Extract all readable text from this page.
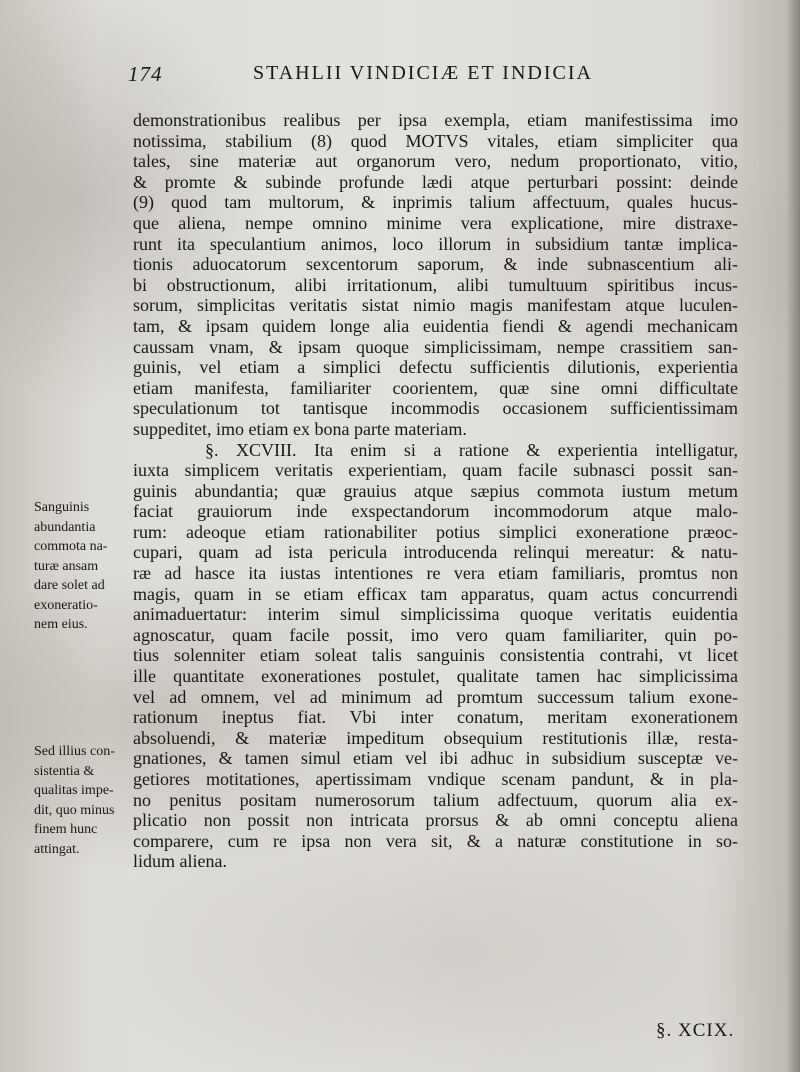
174	STAHLII VINDICIÆ ET INDICIA
demonstrationibus realibus per ipsa exempla, etiam manifestissima imo
notissima, stabilium (8) quod MOTVS vitales, etiam simpliciter qua
tales, sine materiæ aut organorum vero, nedum proportionato, vitio,
& promte & subinde profunde lædi atque perturbari possint: deinde
(9) quod tam multorum, & inprimis talium affectuum, quales hucus-
que aliena, nempe omnino minime vera explicatione, mire distraxe-
runt ita speculantium animos, loco illorum in subsidium tantæ implica-
tionis aduocatorum sexcentorum saporum, & inde subnascentium ali-
bi obstructionum, alibi irritationum, alibi tumultuum spiritibus incus-
sorum, simplicitas veritatis sistat nimio magis manifestam atque luculen-
tam, & ipsam quidem longe alia euidentia fiendi & agendi mechanicam
caussam vnam, & ipsam quoque simplicissimam, nempe crassitiem san-
guinis, vel etiam a simplici defectu sufficientis dilutionis, experientia
etiam manifesta, familiariter coorientem, quæ sine omni difficultate
speculationum tot tantisque incommodis occasionem sufficientissimam
suppeditet, imo etiam ex bona parte materiam.
§. XCVIII. Ita enim si a ratione & experientia intelligatur,
iuxta simplicem veritatis experientiam, quam facile subnasci possit san-
guinis abundantia; quæ grauius atque sæpius commota iustum metum
faciat grauiorum inde exspectandorum incommodorum atque malo-
rum: adeoque etiam rationabiliter potius simplici exoneratione præoc-
cupari, quam ad ista pericula introducenda relinqui mereatur: & natu-
ræ ad hasce ita iustas intentiones re vera etiam familiaris, promtus non
magis, quam in se etiam efficax tam apparatus, quam actus concurrendi
animaduertatur: interim simul simplicissima quoque veritatis euidentia
agnoscatur, quam facile possit, imo vero quam familiariter, quin po-
tius solenniter etiam soleat talis sanguinis consistentia contrahi, vt licet
ille quantitate exonerationes postulet, qualitate tamen hac simplicissima
vel ad omnem, vel ad minimum ad promtum successum talium exone-
rationum ineptus fiat. Vbi inter conatum, meritam exonerationem
absoluendi, & materiæ impeditum obsequium restitutionis illæ, resta-
gnationes, & tamen simul etiam vel ibi adhuc in subsidium susceptæ ve-
getiores motitationes, apertissimam vndique scenam pandunt, & in pla-
no penitus positam numerosorum talium adfectuum, quorum alia ex-
plicatio non possit non intricata prorsus & ab omni conceptu aliena
comparere, cum re ipsa non vera sit, & a naturæ constitutione in so-
lidum aliena.
Sanguinis
abundantia
commota na-
turæ ansam
dare solet ad
exoneratio-
nem eius.
Sed illius con-
sistentia &
qualitas impe-
dit, quo minus
finem hunc
attingat.
§. XCIX.
